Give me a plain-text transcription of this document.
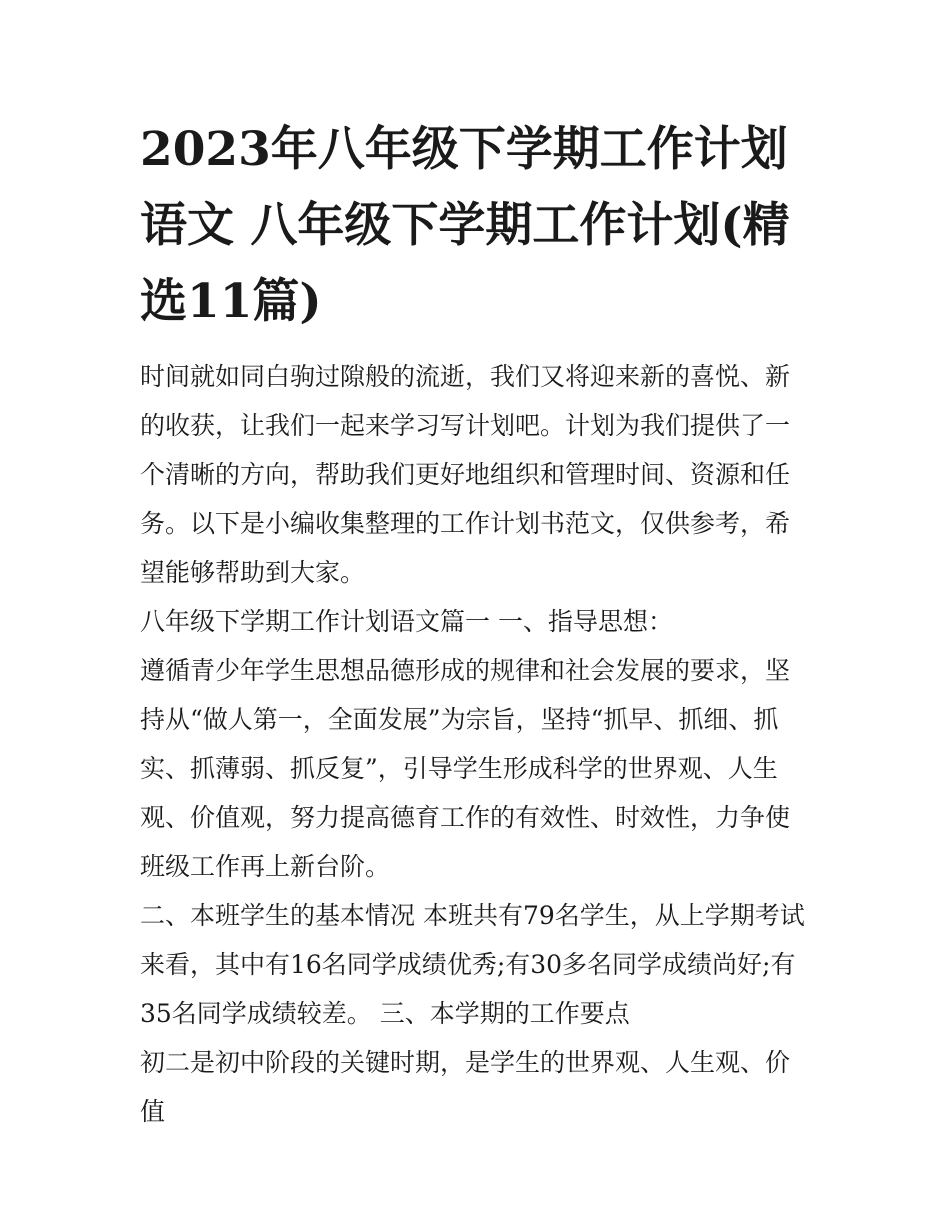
2023年八年级下学期工作计划语文 八年级下学期工作计划(精选11篇)

时间就如同白驹过隙般的流逝，我们又将迎来新的喜悦、新的收获，让我们一起来学习写计划吧。计划为我们提供了一个清晰的方向，帮助我们更好地组织和管理时间、资源和任务。以下是小编收集整理的工作计划书范文，仅供参考，希望能够帮助到大家。

八年级下学期工作计划语文篇一 一、指导思想：

遵循青少年学生思想品德形成的规律和社会发展的要求，坚持从“做人第一，全面发展”为宗旨，坚持“抓早、抓细、抓实、抓薄弱、抓反复”，引导学生形成科学的世界观、人生观、价值观，努力提高德育工作的有效性、时效性，力争使班级工作再上新台阶。

二、本班学生的基本情况 本班共有79名学生，从上学期考试来看，其中有16名同学成绩优秀;有30多名同学成绩尚好;有35名同学成绩较差。 三、本学期的工作要点

初二是初中阶段的关键时期，是学生的世界观、人生观、价值
